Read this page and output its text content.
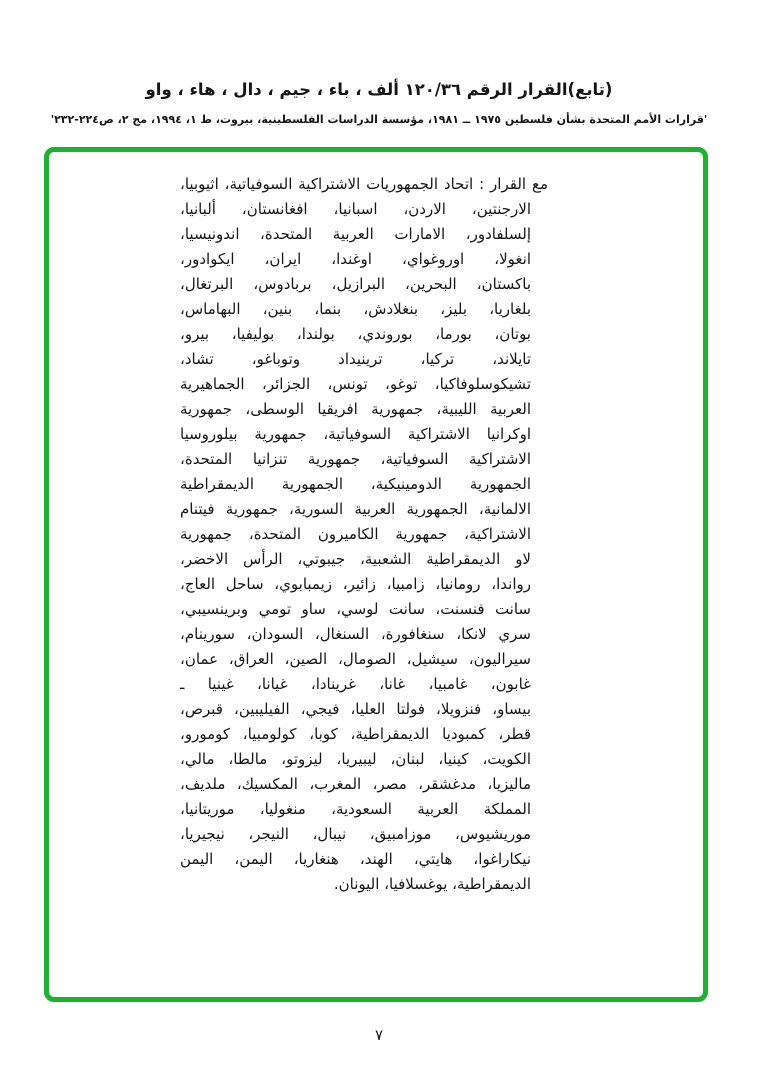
(تابع)القرار الرقم ١٢٠/٣٦ ألف ، باء ، جيم ، دال ، هاء ، واو
'قرارات الأمم المتحدة بشأن فلسطين ١٩٧٥ ــ ١٩٨١، مؤسسة الدراسات الفلسطينية، بيروت، ط ١، ١٩٩٤، مج ٢، ص٢٢٤-٢٣٢'
مع القرار : اتحاد الجمهوريات الاشتراكية السوفياتية، اثيوبيا،
الارجنتين، الاردن، اسبانيا، افغانستان، ألبانيا،
إلسلفادور، الامارات العربية المتحدة، اندونيسيا،
انغولا، اوروغواي، اوغندا، ايران، ايكوادور،
باكستان، البحرين، البرازيل، بربادوس، البرتغال،
بلغاريا، بليز، بنغلادش، بنما، بنين، البهاماس،
بوتان، بورما، بوروندي، بولندا، بوليفيا، بيرو،
تايلاند، تركيا، ترينيداد وتوباغو، تشاد،
تشيكوسلوفاكيا، توغو، تونس، الجزائر، الجماهيرية
العربية الليبية، جمهورية افريقيا الوسطى، جمهورية
اوكرانيا الاشتراكية السوفياتية، جمهورية بيلوروسيا
الاشتراكية السوفياتية، جمهورية تنزانيا المتحدة،
الجمهورية الدومينيكية، الجمهورية الديمقراطية
الالمانية، الجمهورية العربية السورية، جمهورية فيتنام
الاشتراكية، جمهورية الكاميرون المتحدة، جمهورية
لاو الديمقراطية الشعبية، جيبوتي، الرأس الاخضر،
رواندا، رومانيا، زامبيا، زائير، زيمبابوي، ساحل العاج،
سانت فنسنت، سانت لوسي، ساو تومي وبرينسيبي،
سري لانكا، سنغافورة، السنغال، السودان، سورينام،
سيراليون، سيشيل، الصومال، الصين، العراق، عمان،
غابون، غامبيا، غانا، غرينادا، غيانا، غينيا ـ
بيساو، فنزويلا، فولتا العليا، فيجي، الفيليبين، قبرص،
قطر، كمبوديا الديمقراطية، كوبا، كولومبيا، كومورو،
الكويت، كينيا، لبنان، ليبيريا، ليزوتو، مالطا، مالي،
ماليزيا، مدغشقر، مصر، المغرب، المكسيك، ملديف،
المملكة العربية السعودية، منغوليا، موريتانيا،
موريشيوس، موزامبيق، نيبال، النيجر، نيجيريا،
نيكاراغوا، هايتي، الهند، هنغاريا، اليمن، اليمن
الديمقراطية، يوغسلافيا، اليونان.
٧
